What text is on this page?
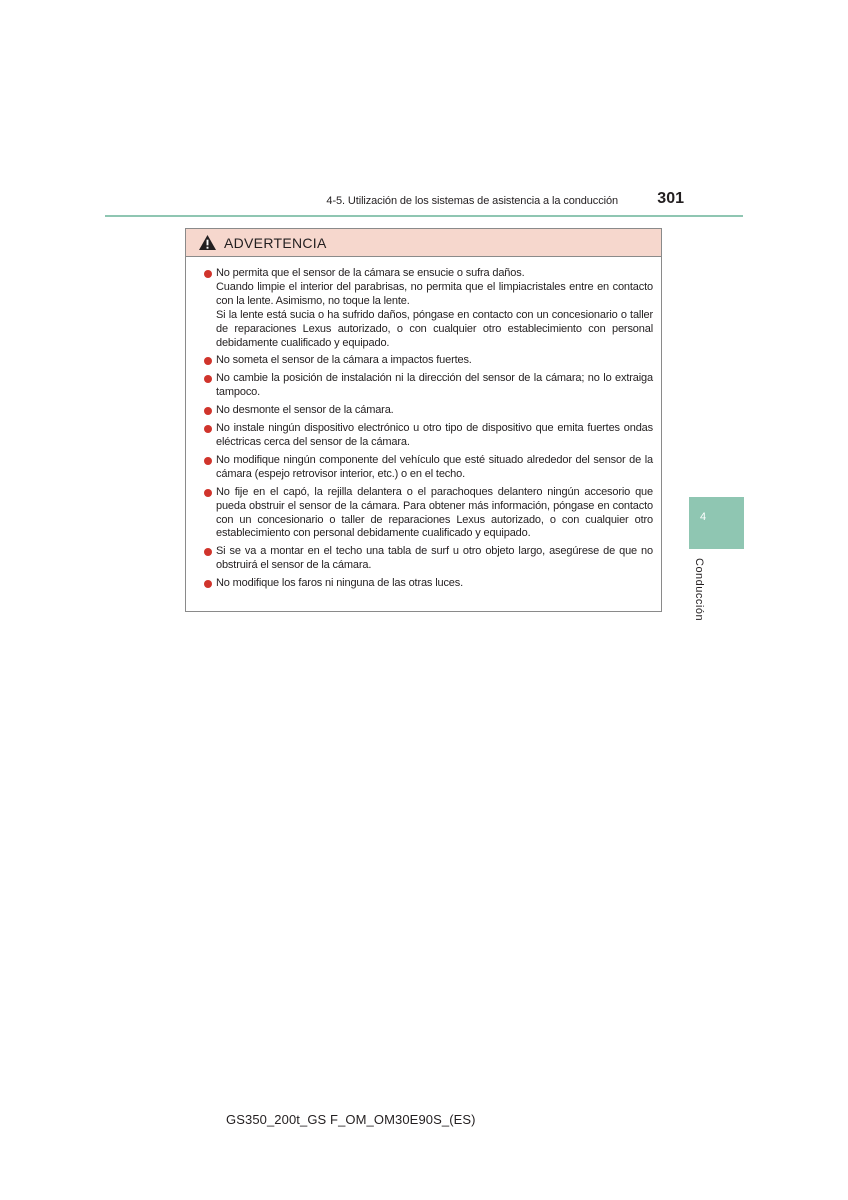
4-5. Utilización de los sistemas de asistencia a la conducción	301
ADVERTENCIA
No permita que el sensor de la cámara se ensucie o sufra daños.
Cuando limpie el interior del parabrisas, no permita que el limpiacristales entre en contacto con la lente. Asimismo, no toque la lente.
Si la lente está sucia o ha sufrido daños, póngase en contacto con un concesionario o taller de reparaciones Lexus autorizado, o con cualquier otro establecimiento con personal debidamente cualificado y equipado.
No someta el sensor de la cámara a impactos fuertes.
No cambie la posición de instalación ni la dirección del sensor de la cámara; no lo extraiga tampoco.
No desmonte el sensor de la cámara.
No instale ningún dispositivo electrónico u otro tipo de dispositivo que emita fuertes ondas eléctricas cerca del sensor de la cámara.
No modifique ningún componente del vehículo que esté situado alrededor del sensor de la cámara (espejo retrovisor interior, etc.) o en el techo.
No fije en el capó, la rejilla delantera o el parachoques delantero ningún accesorio que pueda obstruir el sensor de la cámara. Para obtener más información, póngase en contacto con un concesionario o taller de reparaciones Lexus autorizado, o con cualquier otro establecimiento con personal debidamente cualificado y equipado.
Si se va a montar en el techo una tabla de surf u otro objeto largo, asegúrese de que no obstruirá el sensor de la cámara.
No modifique los faros ni ninguna de las otras luces.
4
Conducción
GS350_200t_GS F_OM_OM30E90S_(ES)
